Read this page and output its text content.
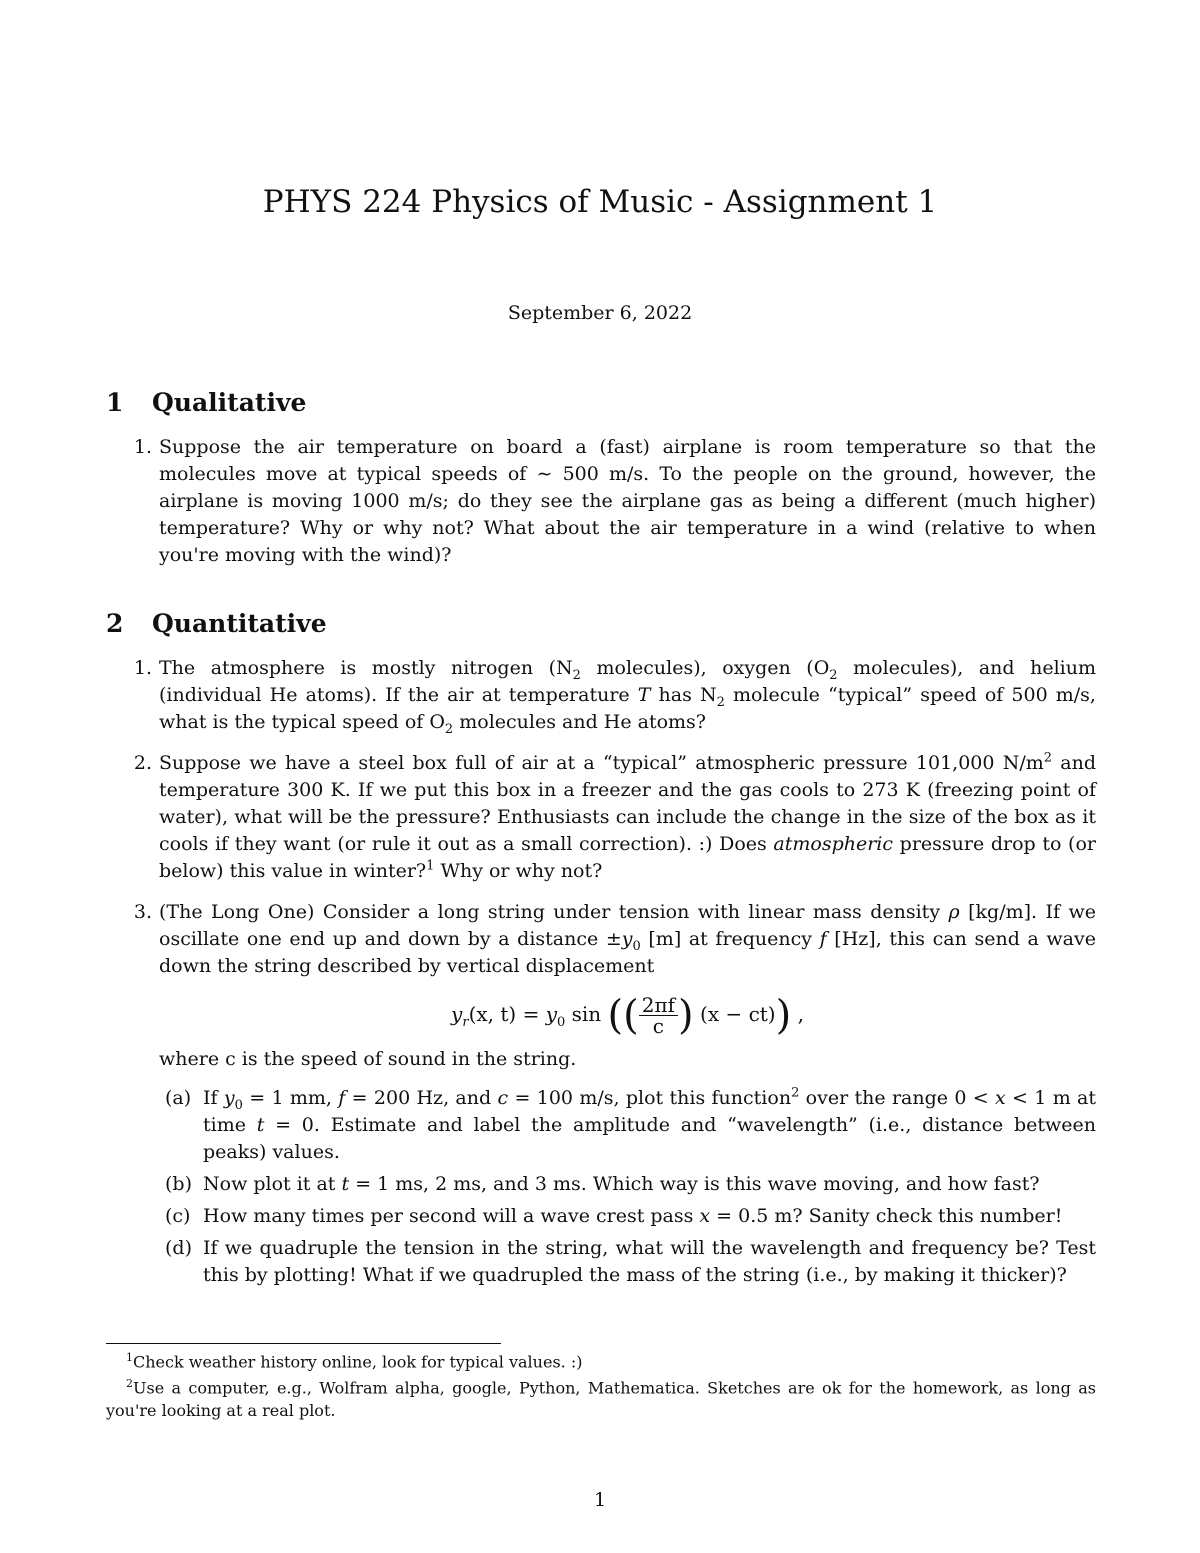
PHYS 224 Physics of Music - Assignment 1
September 6, 2022
1	Qualitative
1. Suppose the air temperature on board a (fast) airplane is room temperature so that the molecules move at typical speeds of ∼ 500 m/s. To the people on the ground, however, the airplane is moving 1000 m/s; do they see the airplane gas as being a different (much higher) temperature? Why or why not? What about the air temperature in a wind (relative to when you're moving with the wind)?
2	Quantitative
1. The atmosphere is mostly nitrogen ($N_2$ molecules), oxygen ($O_2$ molecules), and helium (individual He atoms). If the air at temperature T has $N_2$ molecule “typical” speed of 500 m/s, what is the typical speed of $O_2$ molecules and He atoms?
2. Suppose we have a steel box full of air at a “typical” atmospheric pressure 101,000 $N/m^2$ and temperature 300 K. If we put this box in a freezer and the gas cools to 273 K (freezing point of water), what will be the pressure? Enthusiasts can include the change in the size of the box as it cools if they want (or rule it out as a small correction). :) Does atmospheric pressure drop to (or below) this value in winter?$^1$ Why or why not?
3. (The Long One) Consider a long string under tension with linear mass density ρ [kg/m]. If we oscillate one end up and down by a distance $\pm y_0$ [m] at frequency f [Hz], this can send a wave down the string described by vertical displacement
$y_r(x$, $t) = y_0$ sin (( $\frac{2\pi f}{c}$ ) (x − ct)) ,
where c is the speed of sound in the string.
(a) If $y_0 = 1$ mm, f = 200 Hz, and c = 100 m/s, plot this function$^2$ over the range 0 < x < 1 m at time t = 0. Estimate and label the amplitude and “wavelength” (i.e., distance between peaks) values.
(b) Now plot it at t = 1 ms, 2 ms, and 3 ms. Which way is this wave moving, and how fast?
(c) How many times per second will a wave crest pass x = 0.5 m? Sanity check this number!
(d) If we quadruple the tension in the string, what will the wavelength and frequency be? Test this by plotting! What if we quadrupled the mass of the string (i.e., by making it thicker)?
$^1$Check weather history online, look for typical values. :)
$^2$Use a computer, e.g., Wolfram alpha, google, Python, Mathematica. Sketches are ok for the homework, as long as you're looking at a real plot.
1
